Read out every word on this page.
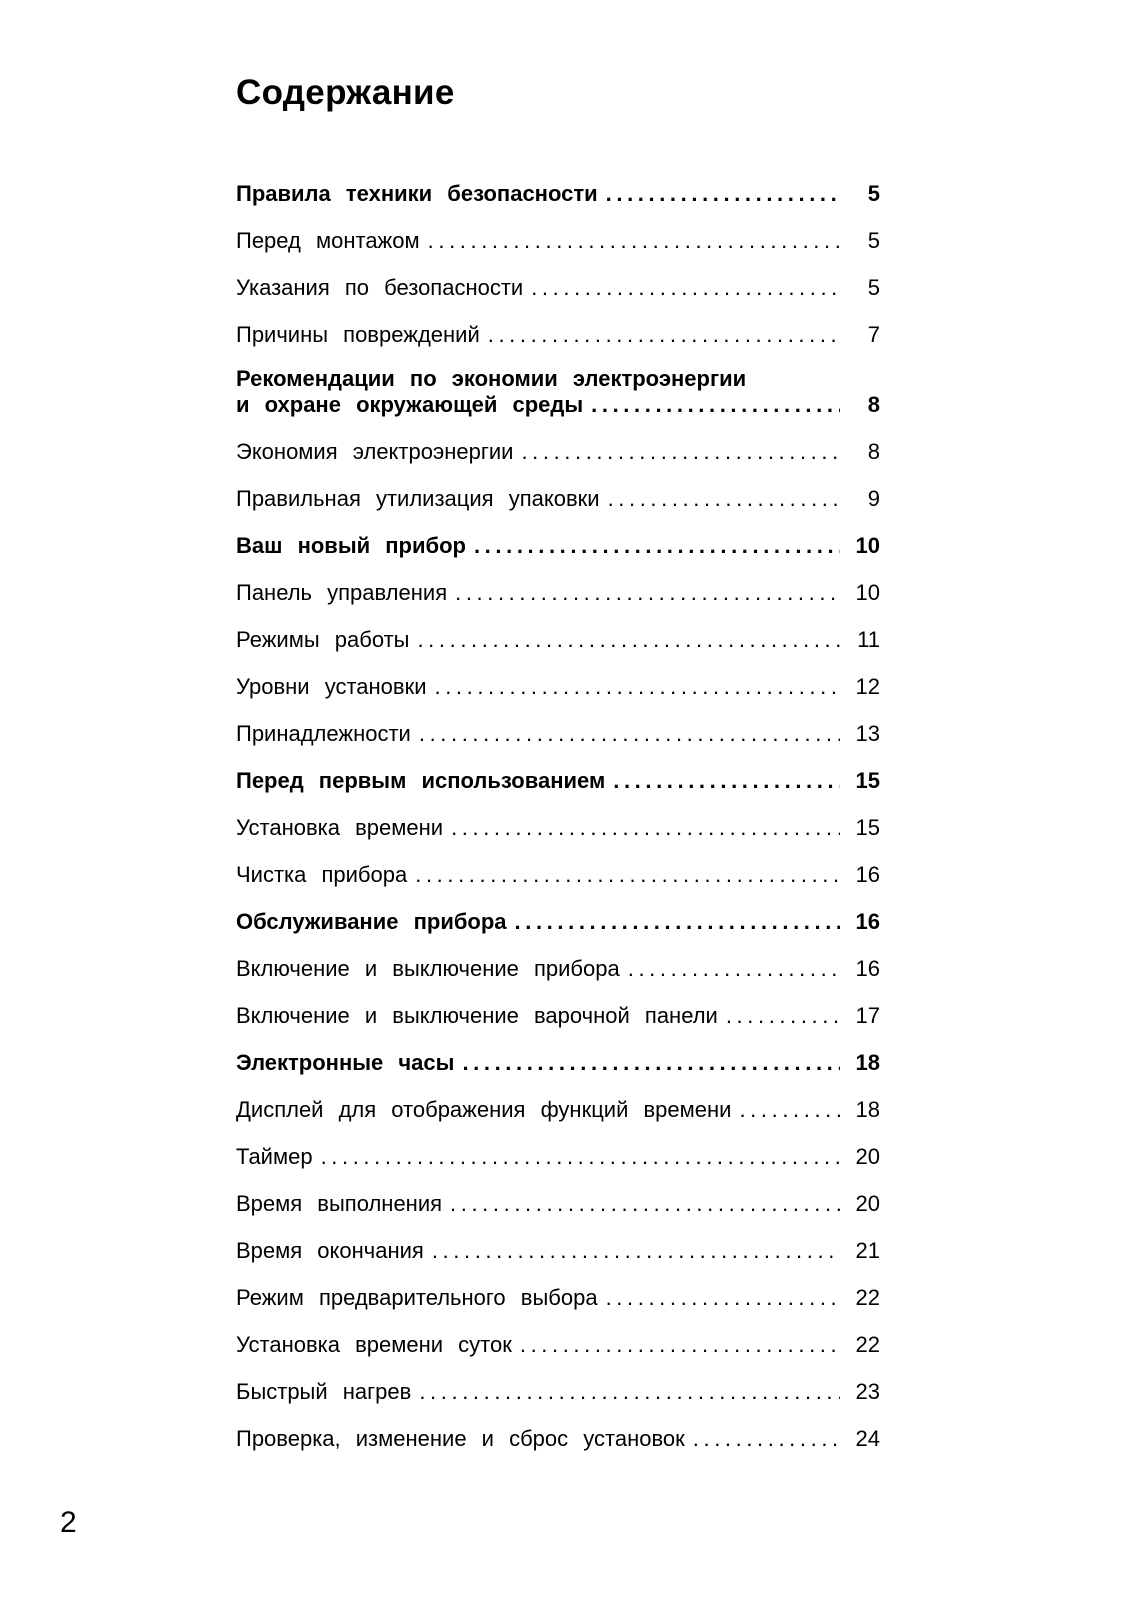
Содержание
Правила техники безопасности .....	5
Перед монтажом .....	5
Указания по безопасности .....	5
Причины повреждений .....	7
Рекомендации по экономии электроэнергии
и охране окружающей среды .....	8
Экономия электроэнергии .....	8
Правильная утилизация упаковки .....	9
Ваш новый прибор .....	10
Панель управления .....	10
Режимы работы .....	11
Уровни установки .....	12
Принадлежности .....	13
Перед первым использованием .....	15
Установка времени .....	15
Чистка прибора .....	16
Обслуживание прибора .....	16
Включение и выключение прибора .....	16
Включение и выключение варочной панели .....	17
Электронные часы .....	18
Дисплей для отображения функций времени .....	18
Таймер .....	20
Время выполнения .....	20
Время окончания .....	21
Режим предварительного выбора .....	22
Установка времени суток .....	22
Быстрый нагрев .....	23
Проверка, изменение и сброс установок .....	24
2
